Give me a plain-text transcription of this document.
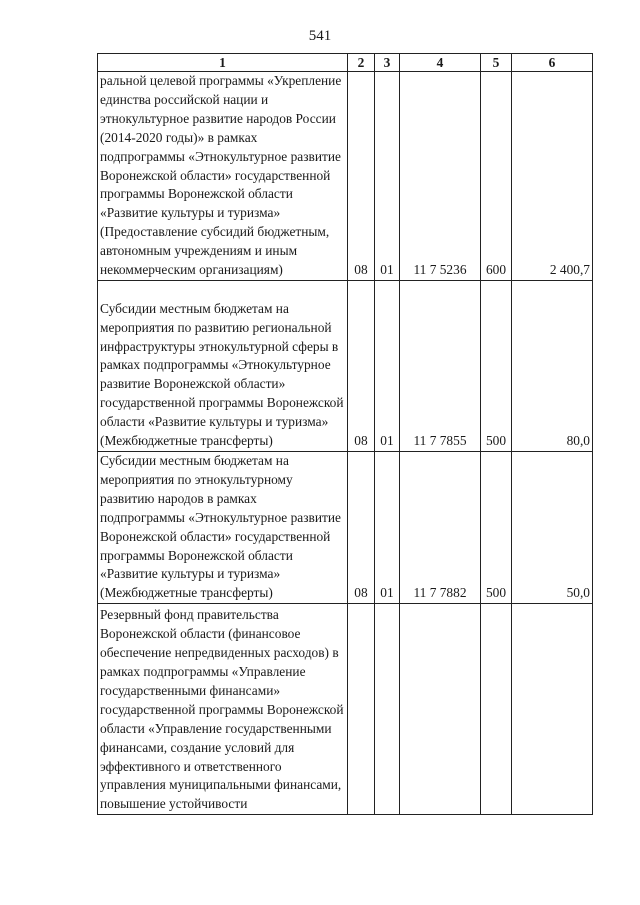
541
1	2	3	4	5	6
ральной целевой программы «Укрепление единства российской нации и этнокультурное развитие народов России (2014-2020 годы)» в рамках подпрограммы «Этнокультурное развитие Воронежской области» государственной программы Воронежской области «Развитие культуры и туризма» (Предоставление субсидий бюджетным, автономным учреждениям и иным некоммерческим организациям)	08	01	11 7 5236	600	2 400,7
Субсидии местным бюджетам на мероприятия по развитию региональной инфраструктуры этнокультурной сферы в рамках подпрограммы «Этнокультурное развитие Воронежской области» государственной программы Воронежской области «Развитие культуры и туризма» (Межбюджетные трансферты)	08	01	11 7 7855	500	80,0
Субсидии местным бюджетам на мероприятия по этнокультурному развитию народов в рамках подпрограммы «Этнокультурное развитие Воронежской области» государственной программы Воронежской области «Развитие культуры и туризма» (Межбюджетные трансферты)	08	01	11 7 7882	500	50,0
Резервный фонд правительства Воронежской области (финансовое обеспечение непредвиденных расходов) в рамках подпрограммы «Управление государственными финансами» государственной программы Воронежской области «Управление государственными финансами, создание условий для эффективного и ответственного управления муниципальными финансами, повышение устойчивости					
